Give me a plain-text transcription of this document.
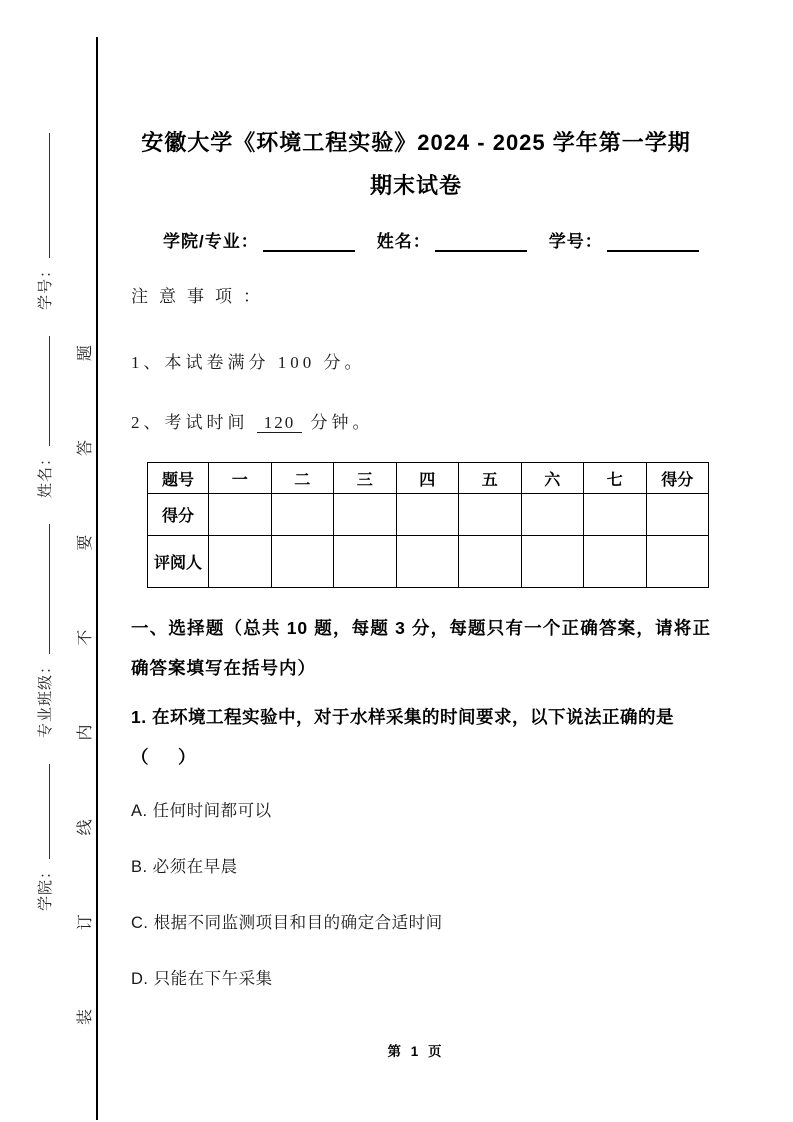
学院：
专业班级：
姓名：
学号：
装
订
线
内
不
要
答
题
安徽大学《环境工程实验》2024 - 2025 学年第一学期
期末试卷
学院/专业：	姓名：	学号：
注意事项：
1、本试卷满分 100 分。
2、考试时间 120 分钟。
题号	一	二	三	四	五	六	七	得分
得分								
评阅人								
一、选择题（总共 10 题，每题 3 分，每题只有一个正确答案，请将正确答案填写在括号内）
1. 在环境工程实验中，对于水样采集的时间要求，以下说法正确的是
（　）
A. 任何时间都可以
B. 必须在早晨
C. 根据不同监测项目和目的确定合适时间
D. 只能在下午采集
第 1 页
